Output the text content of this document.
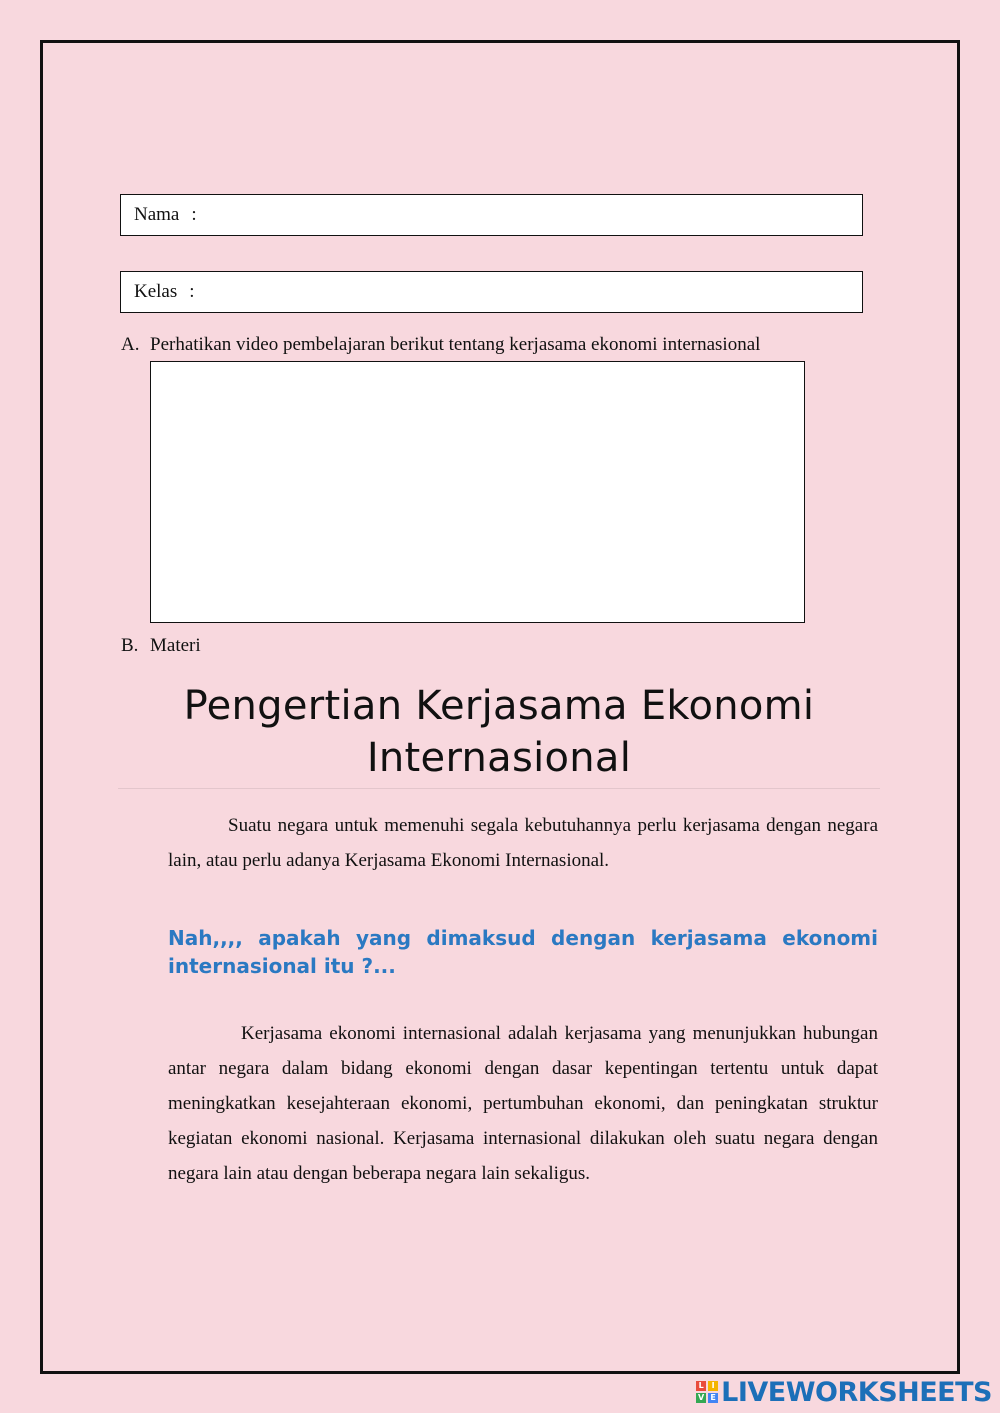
Nama :
Kelas :
A. Perhatikan video pembelajaran berikut tentang kerjasama ekonomi internasional
B. Materi
Pengertian Kerjasama Ekonomi Internasional
Suatu negara untuk memenuhi segala kebutuhannya perlu kerjasama dengan negara lain, atau perlu adanya Kerjasama Ekonomi Internasional.
Nah,,,, apakah yang dimaksud dengan kerjasama ekonomi internasional itu ?...
Kerjasama ekonomi internasional adalah kerjasama yang menunjukkan hubungan antar negara dalam bidang ekonomi dengan dasar kepentingan tertentu untuk dapat meningkatkan kesejahteraan ekonomi, pertumbuhan ekonomi, dan peningkatan struktur kegiatan ekonomi nasional. Kerjasama internasional dilakukan oleh suatu negara dengan negara lain atau dengan beberapa negara lain sekaligus.
L I
V E LIVEWORKSHEETS
